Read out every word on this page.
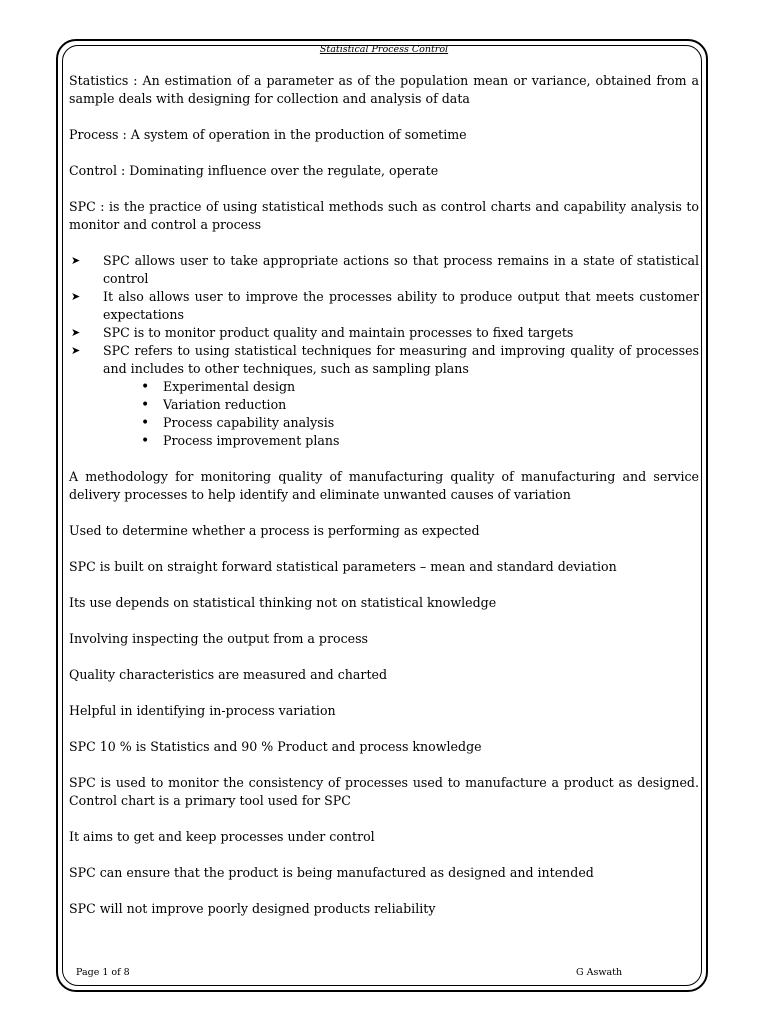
Statistical Process Control

Statistics : An estimation of a parameter as of the population mean or variance, obtained from a sample deals with designing for collection and analysis of data

Process : A system of operation in the production of sometime

Control : Dominating influence over the regulate, operate

SPC : is the practice of using statistical methods such as control charts and capability analysis to monitor and control a process

➤ SPC allows user to take appropriate actions so that process remains in a state of statistical control
➤ It also allows user to improve the processes ability to produce output that meets customer expectations
➤ SPC is to monitor product quality and maintain processes to fixed targets
➤ SPC refers to using statistical techniques for measuring and improving quality of processes and includes to other techniques, such as sampling plans
• Experimental design
• Variation reduction
• Process capability analysis
• Process improvement plans

A methodology for monitoring quality of manufacturing quality of manufacturing and service delivery processes to help identify and eliminate unwanted causes of variation

Used to determine whether a process is performing as expected

SPC is built on straight forward statistical parameters – mean and standard deviation

Its use depends on statistical thinking not on statistical knowledge

Involving inspecting the output from a process

Quality characteristics are measured and charted

Helpful in identifying in-process variation

SPC 10 % is Statistics and 90 % Product and process knowledge

SPC is used to monitor the consistency of processes used to manufacture a product as designed. Control chart is a primary tool used for SPC

It aims to get and keep processes under control

SPC can ensure that the product is being manufactured as designed and intended

SPC will not improve poorly designed products reliability

Page 1 of 8	G Aswath
